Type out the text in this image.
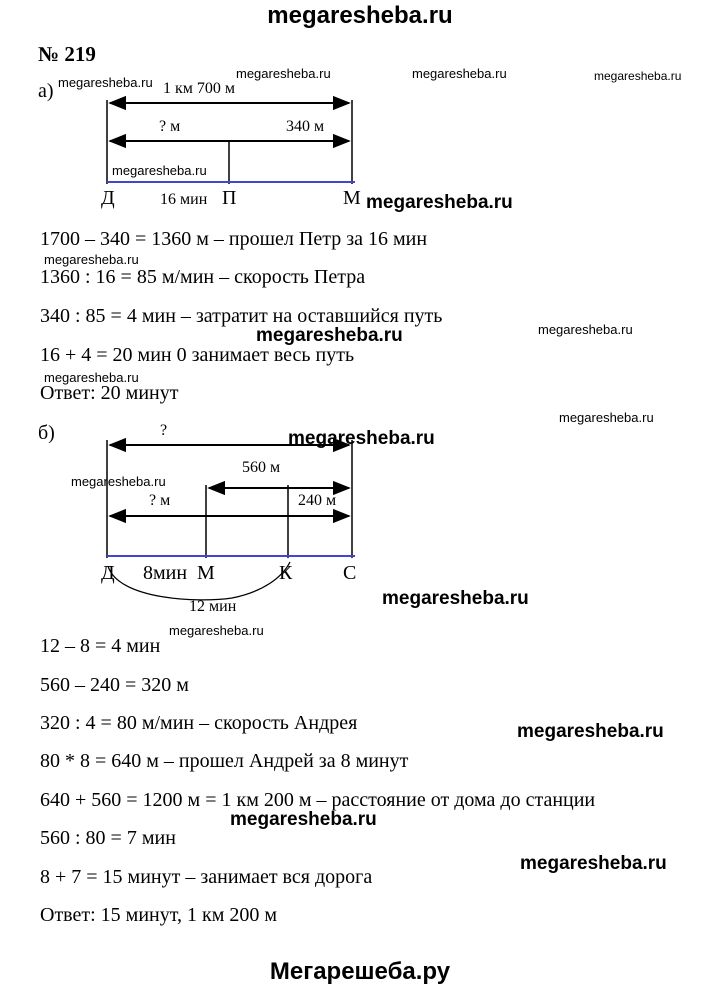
megaresheba.ru
Мегарешеба.ру
№ 219
а)	1 км 700 м
? м	340 м
Д	16 мин П	М
1700 – 340 = 1360 м – прошел Петр за 16 мин
1360 : 16 = 85 м/мин – скорость Петра
340 : 85 = 4 мин – затратит на оставшийся путь
16 + 4 = 20 мин 0 занимает весь путь
Ответ: 20 минут
б)	?
560 м
? м	240 м
Д 8мин М	К	С
12 мин
12 – 8 = 4 мин
560 – 240 = 320 м
320 : 4 = 80 м/мин – скорость Андрея
80 * 8 = 640 м – прошел Андрей за 8 минут
640 + 560 = 1200 м = 1 км 200 м – расстояние от дома до станции
560 : 80 = 7 мин
8 + 7 = 15 минут – занимает вся дорога
Ответ: 15 минут, 1 км 200 м
megaresheba.ru
megaresheba.ru	megaresheba.ru	megaresheba.ru
megaresheba.ru
megaresheba.ru
megaresheba.ru
megaresheba.ru
megaresheba.ru
megaresheba.ru
megaresheba.ru
megaresheba.ru
megaresheba.ru
megaresheba.ru
megaresheba.ru
megaresheba.ru
megaresheba.ru
megaresheba.ru
